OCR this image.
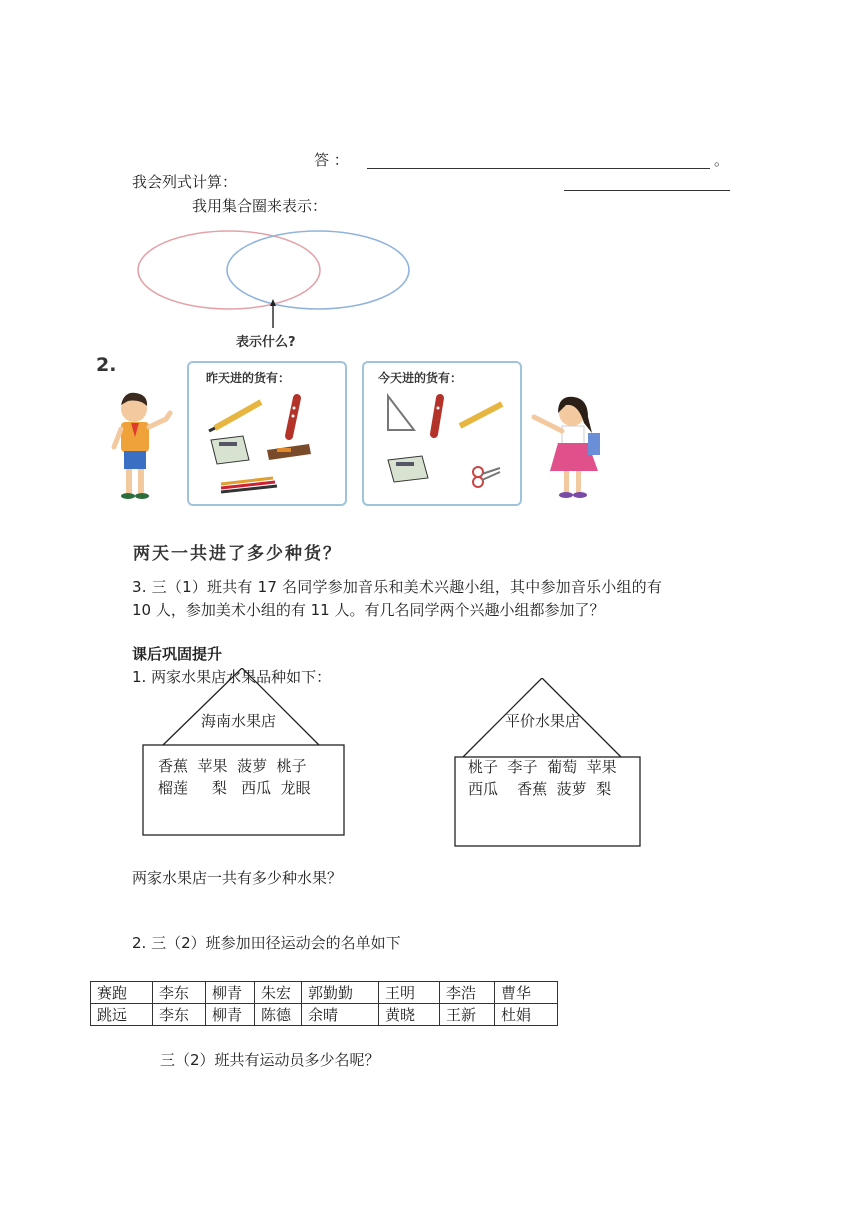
答 ：	。
我会列式计算：
我用集合圈来表示：
表示什么?
2.
昨天进的货有：	今天进的货有：
两天一共进了多少种货？
3. 三（1）班共有 17 名同学参加音乐和美术兴趣小组，其中参加音乐小组的有
10 人，参加美术小组的有 11 人。有几名同学两个兴趣小组都参加了？
课后巩固提升
1. 两家水果店水果品种如下：
海南水果店
香蕉  苹果  菠萝  桃子
榴莲     梨   西瓜  龙眼
平价水果店
桃子  李子  葡萄  苹果
西瓜    香蕉  菠萝  梨
两家水果店一共有多少种水果？
2. 三（2）班参加田径运动会的名单如下
赛跑	李东	柳青	朱宏	郭勤勤	王明	李浩	曹华
跳远	李东	柳青	陈德	余晴	黄晓	王新	杜娟
三（2）班共有运动员多少名呢？
